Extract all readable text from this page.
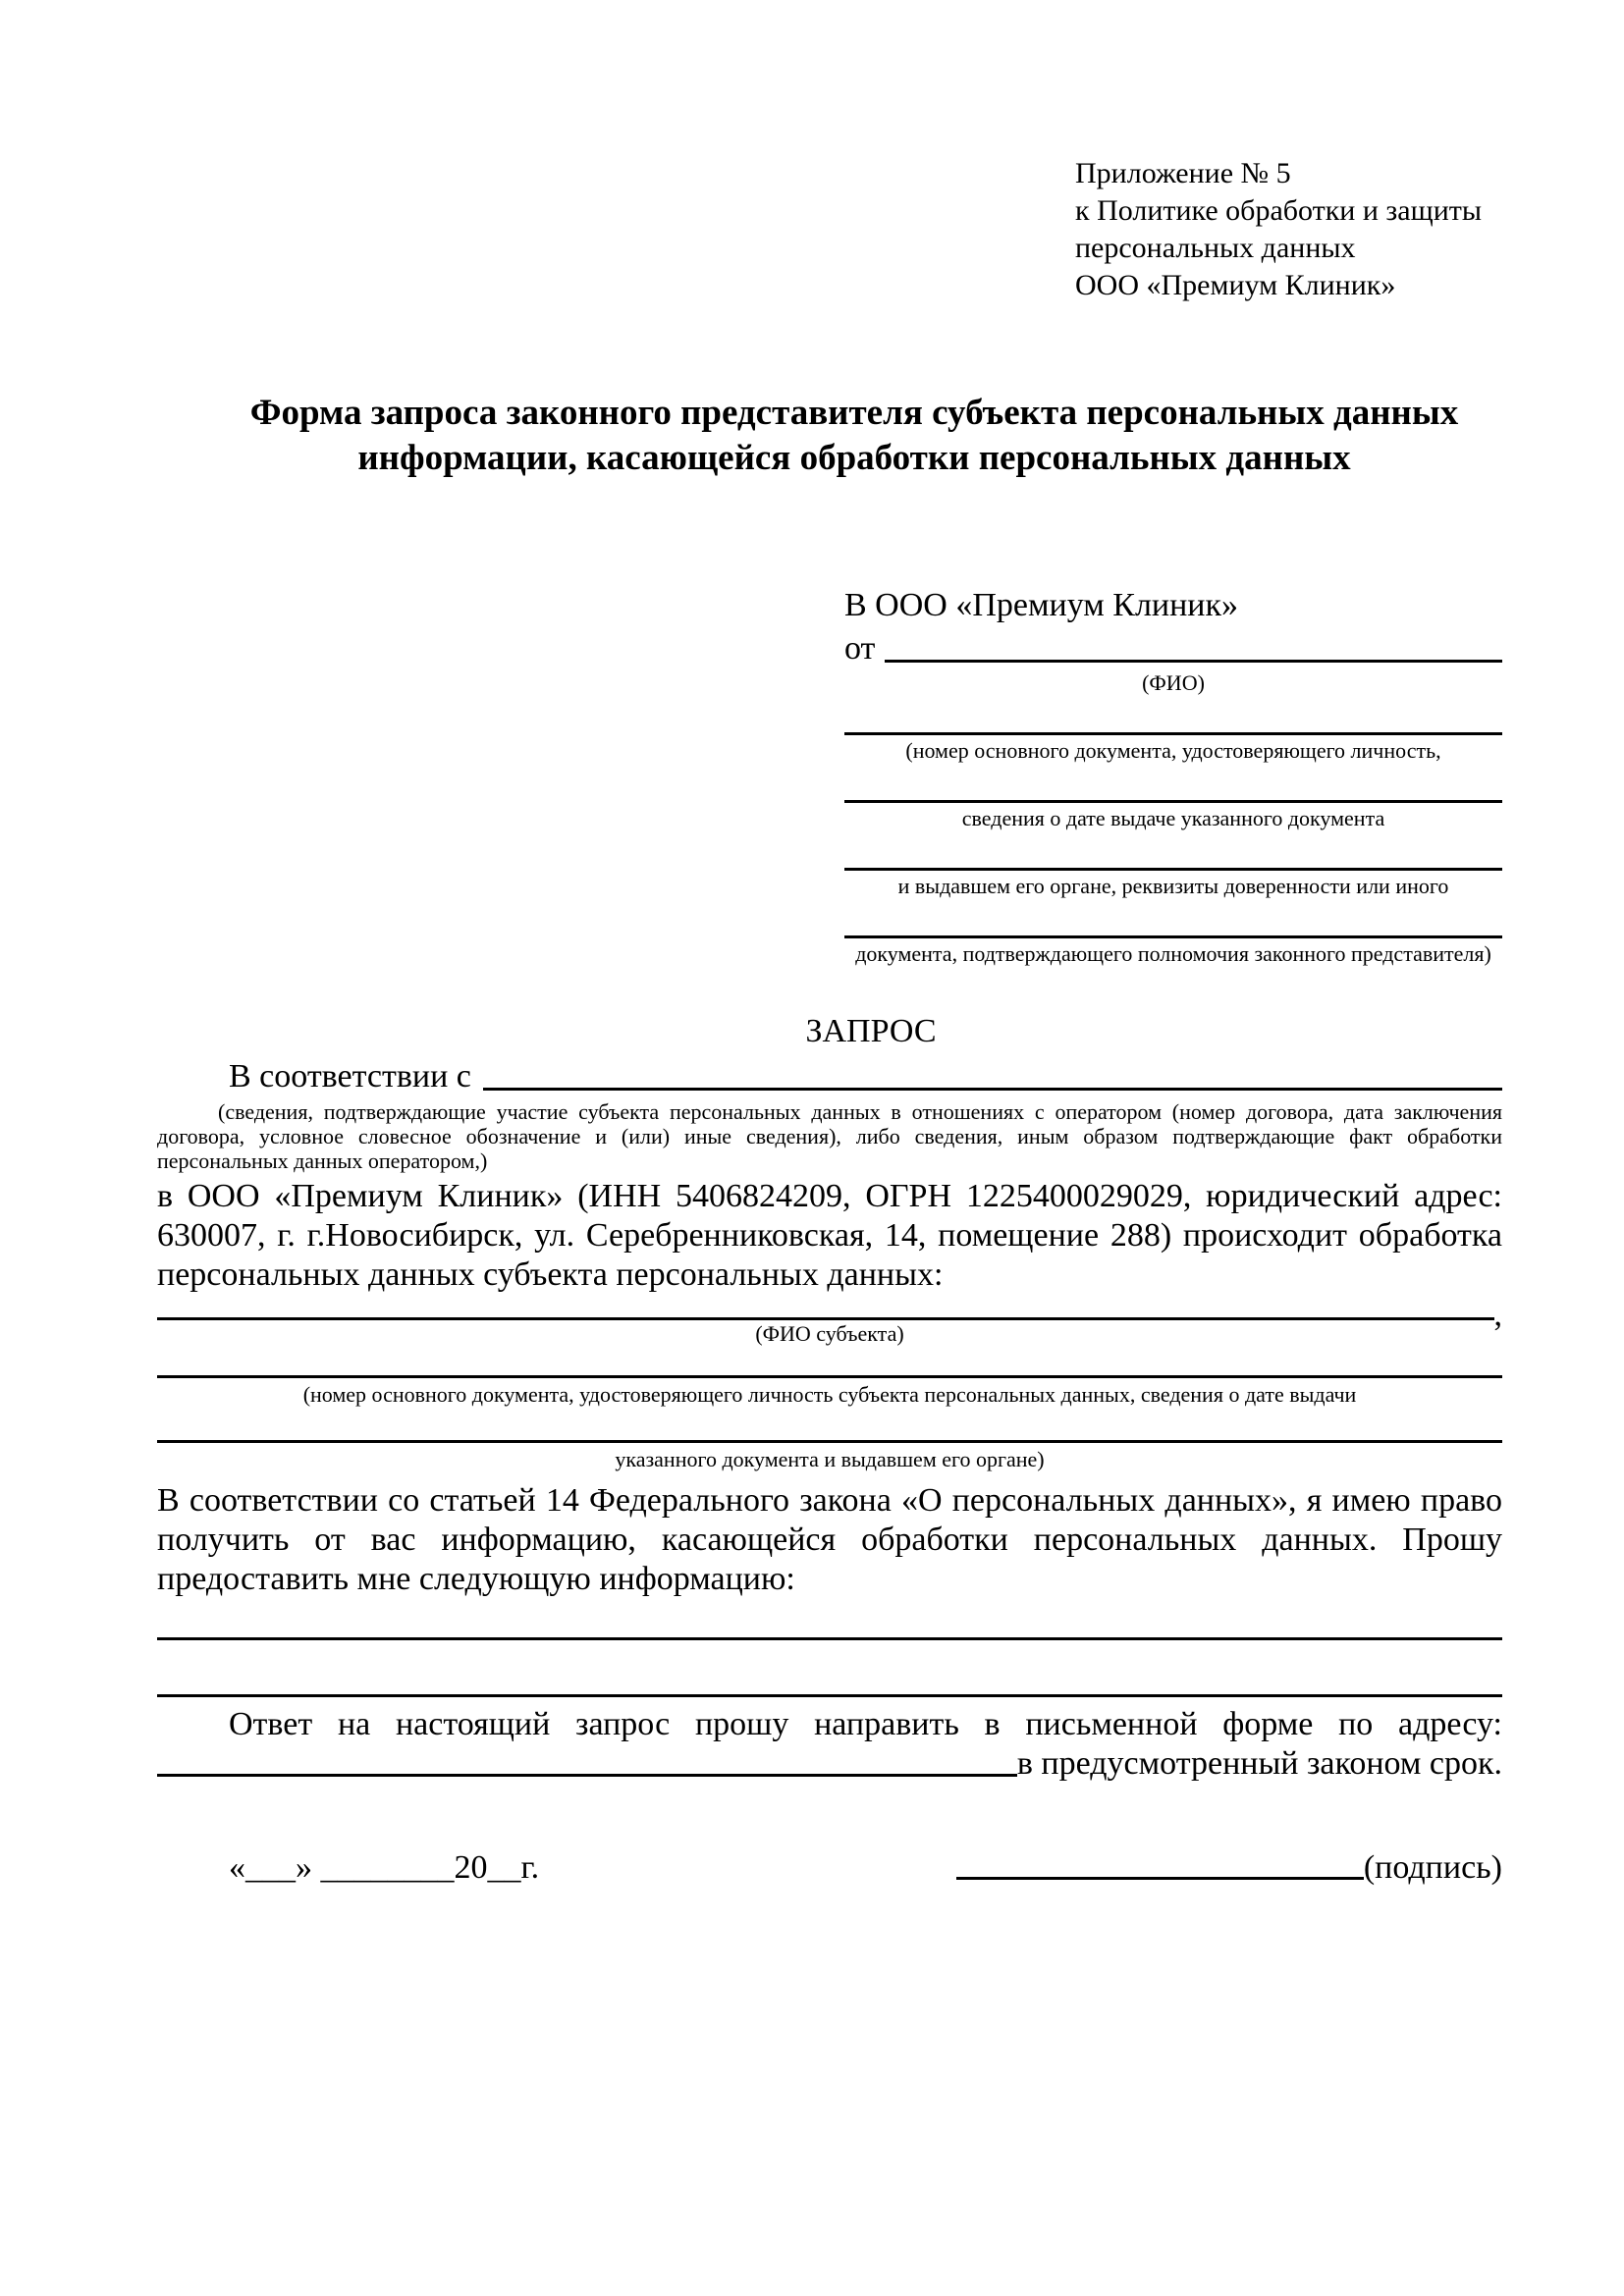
Приложение № 5
к Политике обработки и защиты
персональных данных
ООО «Премиум Клиник»
Форма запроса законного представителя субъекта персональных данных информации, касающейся обработки персональных данных
В ООО «Премиум Клиник»
от
(ФИО)
(номер основного документа, удостоверяющего личность,
сведения о дате выдаче указанного документа
и выдавшем его органе, реквизиты доверенности или иного
документа, подтверждающего полномочия законного представителя)
ЗАПРОС
В соответствии с
(сведения, подтверждающие участие субъекта персональных данных в отношениях с оператором (номер договора, дата заключения договора, условное словесное обозначение и (или) иные сведения), либо сведения, иным образом подтверждающие факт обработки персональных данных оператором,)

в ООО «Премиум Клиник» (ИНН 5406824209, ОГРН 1225400029029, юридический адрес: 630007, г. г.Новосибирск, ул. Серебренниковская, 14, помещение 288) происходит обработка персональных данных субъекта персональных данных:

,
(ФИО субъекта)
(номер основного документа, удостоверяющего личность субъекта персональных данных, сведения о дате выдачи
указанного документа и выдавшем его органе)

В соответствии со статьей 14 Федерального закона «О персональных данных», я имею право получить от вас информацию, касающейся обработки персональных данных. Прошу предоставить мне следующую информацию:

Ответ на настоящий запрос прошу направить в письменной форме по адресу:

в предусмотренный законом срок.
«___» ________20__г.	(подпись)
